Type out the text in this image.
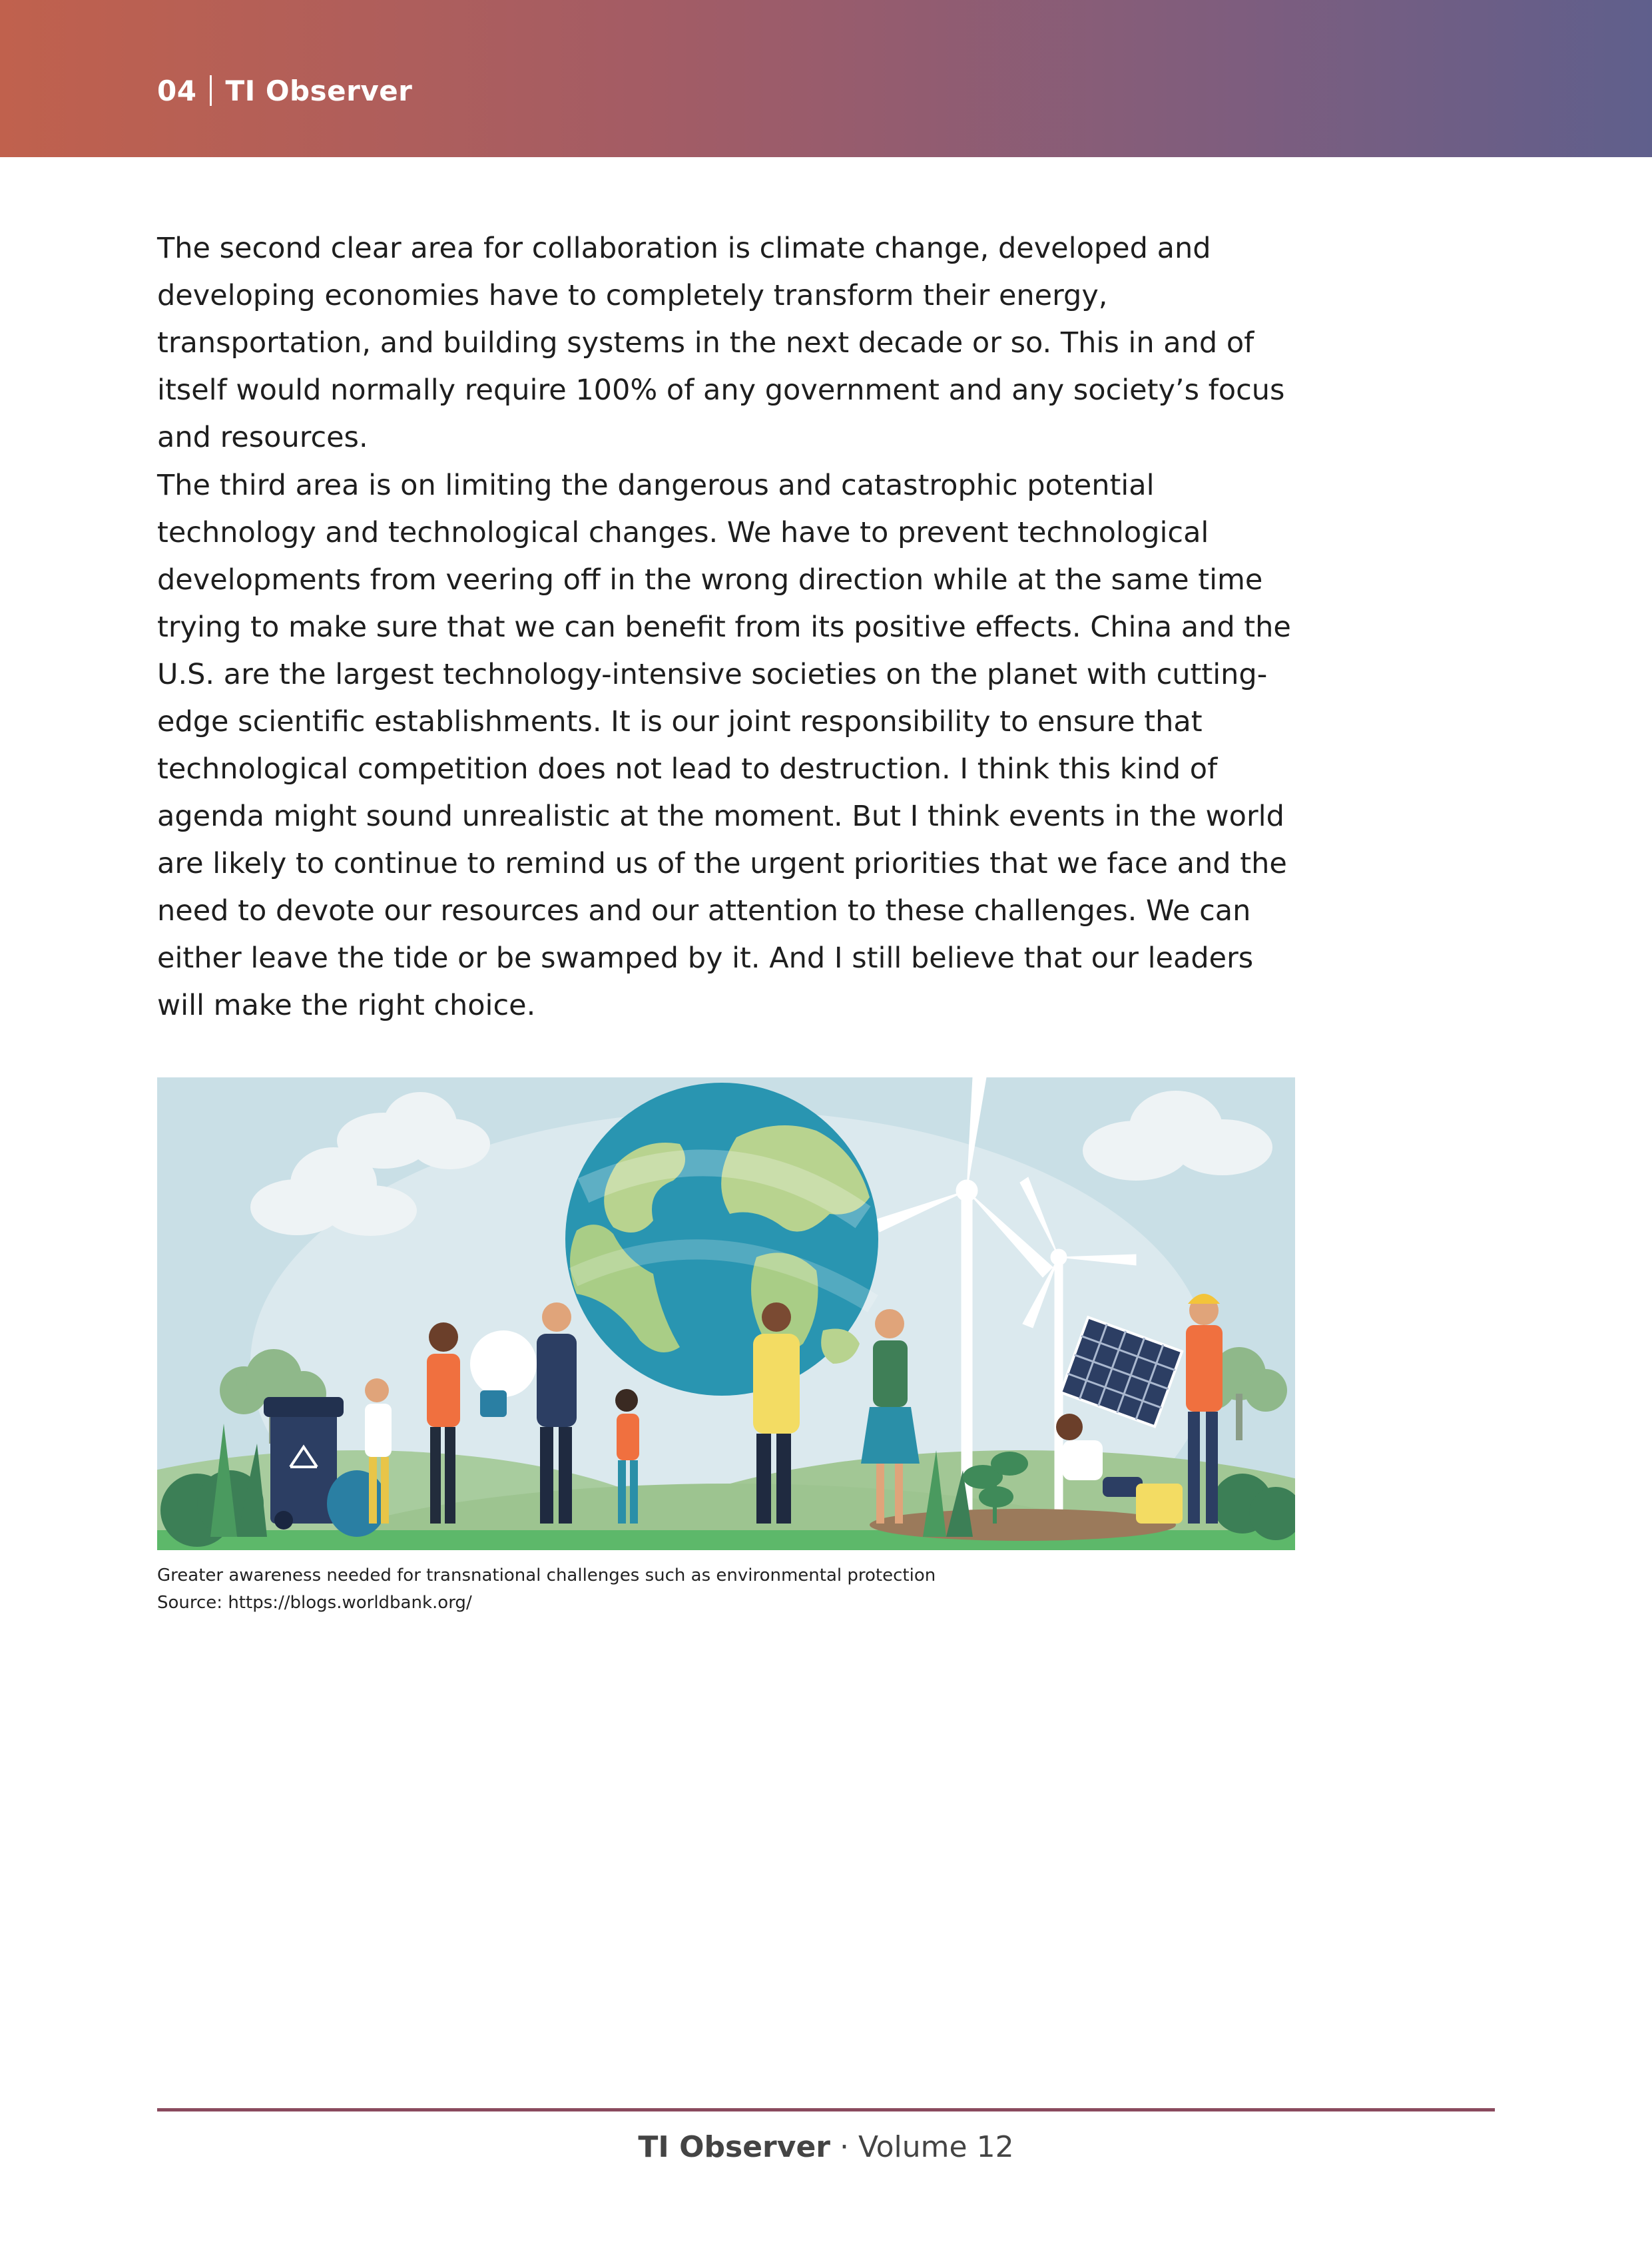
04 TI Observer

The second clear area for collaboration is climate change, developed and developing economies have to completely transform their energy, transportation, and building systems in the next decade or so. This in and of itself would normally require 100% of any government and any society’s focus and resources.

The third area is on limiting the dangerous and catastrophic potential technology and technological changes. We have to prevent technological developments from veering off in the wrong direction while at the same time trying to make sure that we can benefit from its positive effects. China and the U.S. are the largest technology-intensive societies on the planet with cutting-edge scientific establishments. It is our joint responsibility to ensure that technological competition does not lead to destruction. I think this kind of agenda might sound unrealistic at the moment. But I think events in the world are likely to continue to remind us of the urgent priorities that we face and the need to devote our resources and our attention to these challenges. We can either leave the tide or be swamped by it. And I still believe that our leaders will make the right choice.

Greater awareness needed for transnational challenges such as environmental protection
Source: https://blogs.worldbank.org/
TI Observer · Volume 12
